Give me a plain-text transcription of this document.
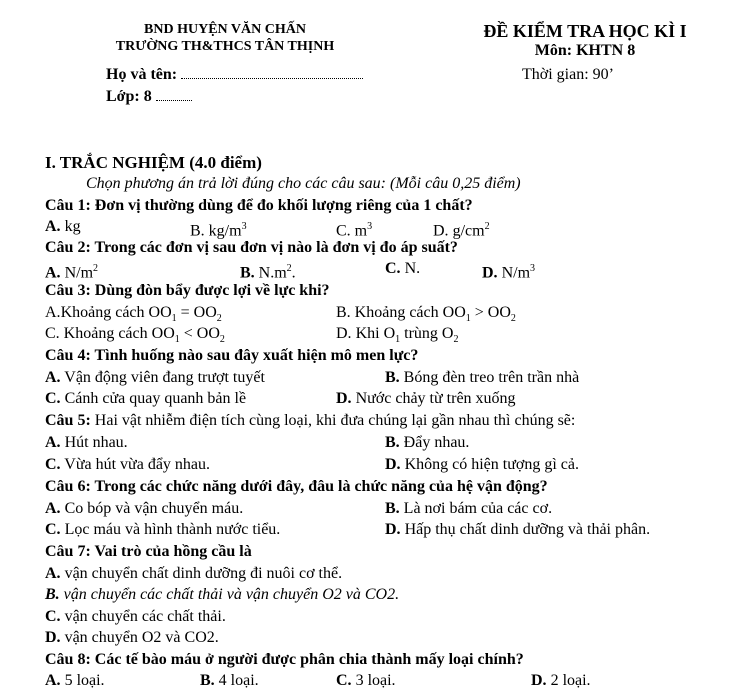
BND HUYỆN VĂN CHẤN
TRƯỜNG TH&THCS TÂN THỊNH
ĐỀ KIỂM TRA HỌC KÌ I
Môn: KHTN 8
Họ và tên:	Thời gian: 90’
Lớp: 8
I. TRẮC NGHIỆM (4.0 điểm)
Chọn phương án trả lời đúng cho các câu sau: (Mỗi câu 0,25 điểm)
Câu 1: Đơn vị thường dùng để đo khối lượng riêng của 1 chất?
A. kg	B. $kg/m^3$	C. $m^3$	D. $g/cm^2$
Câu 2: Trong các đơn vị sau đơn vị nào là đơn vị đo áp suất?
A. $N/m^2$	B. $N.m^2$.	C. N.	D. $N/m^3$
Câu 3: Dùng đòn bẩy được lợi về lực khi?
A.Khoảng cách $OO_1 = OO_2$	B. Khoảng cách $OO_1 > OO_2$
C. Khoảng cách $OO_1 < OO_2$	D. Khi $O_1$ trùng $O_2$
Câu 4: Tình huống nào sau đây xuất hiện mô men lực?
A. Vận động viên đang trượt tuyết	B. Bóng đèn treo trên trần nhà
C. Cánh cửa quay quanh bản lề	D. Nước chảy từ trên xuống
Câu 5: Hai vật nhiễm điện tích cùng loại, khi đưa chúng lại gần nhau thì chúng sẽ:
A. Hút nhau.	B. Đẩy nhau.
C. Vừa hút vừa đẩy nhau.	D. Không có hiện tượng gì cả.
Câu 6: Trong các chức năng dưới đây, đâu là chức năng của hệ vận động?
A. Co bóp và vận chuyển máu.	B. Là nơi bám của các cơ.
C. Lọc máu và hình thành nước tiểu.	D. Hấp thụ chất dinh dưỡng và thải phân.
Câu 7: Vai trò của hồng cầu là
A. vận chuyển chất dinh dưỡng đi nuôi cơ thể.
B. vận chuyển các chất thải và vận chuyển O2 và CO2.
C. vận chuyển các chất thải.
D. vận chuyển O2 và CO2.
Câu 8: Các tế bào máu ở người được phân chia thành mấy loại chính?
A. 5 loại.	B. 4 loại.	C. 3 loại.	D. 2 loại.
